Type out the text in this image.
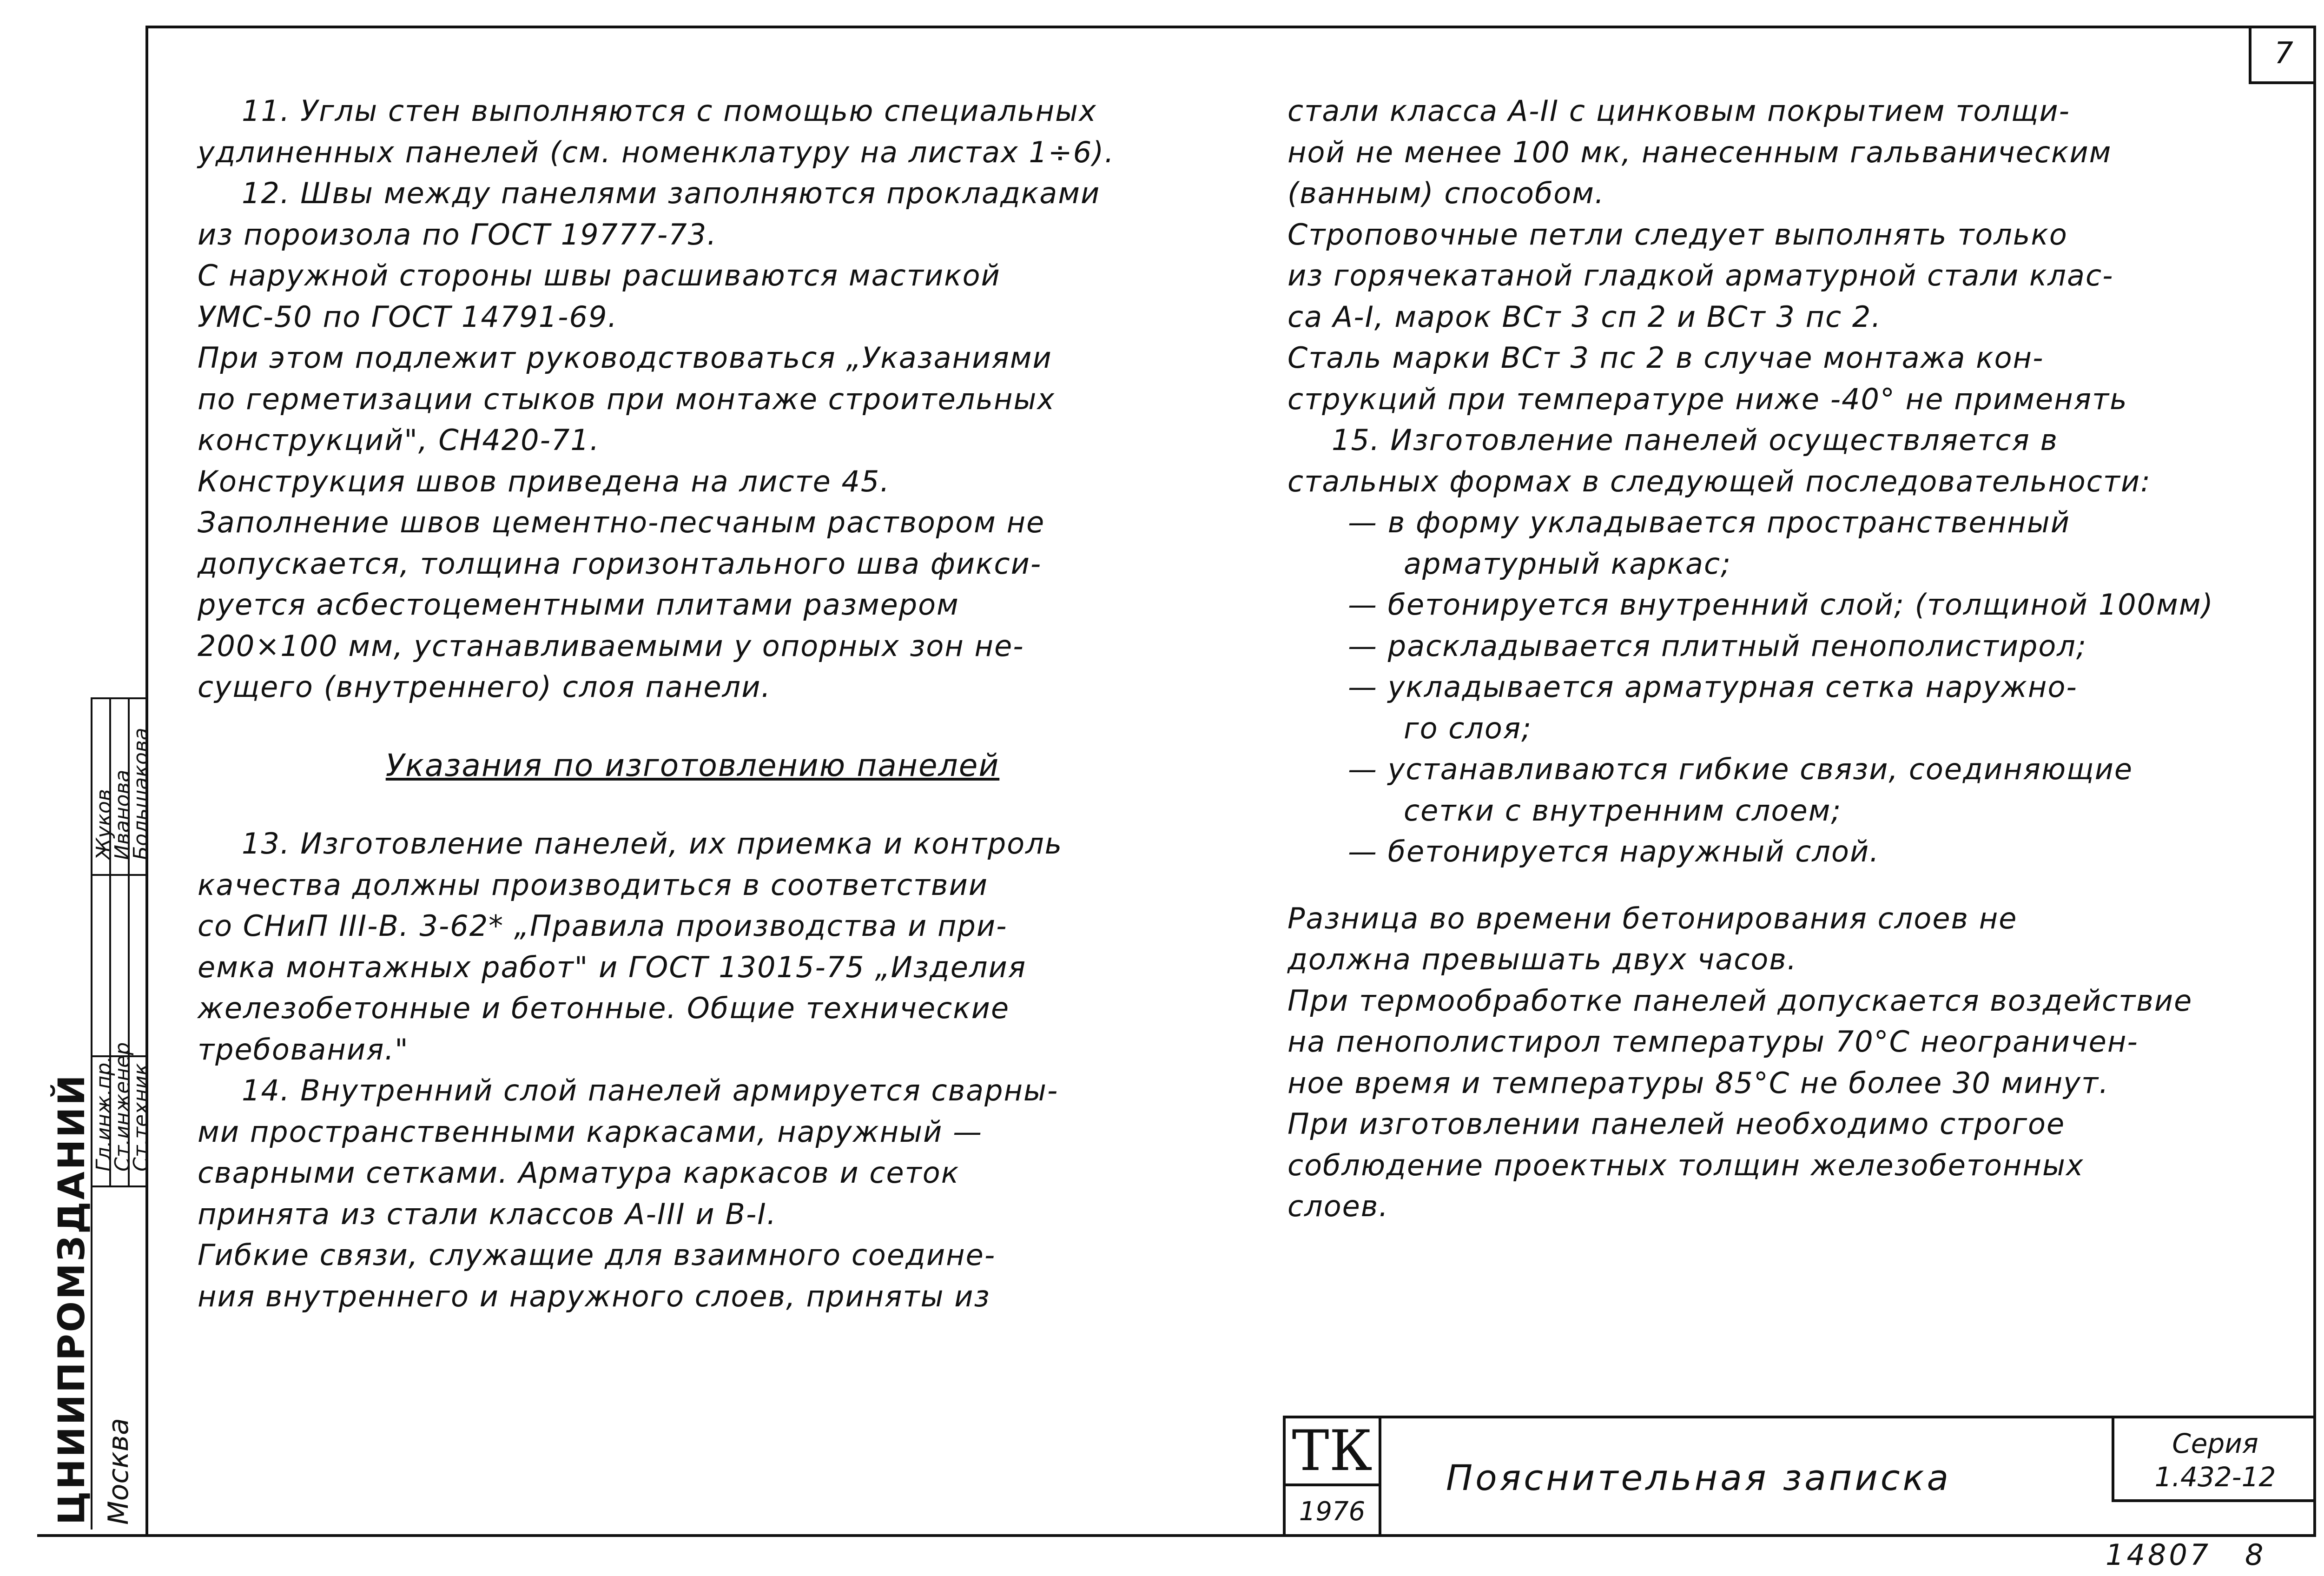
7
11. Углы стен выполняются с помощью специальных
удлиненных панелей (см. номенклатуру на листах 1÷6).
12. Швы между панелями заполняются прокладками
из пороизола по ГОСТ 19777-73.
С наружной стороны швы расшиваются мастикой
УМС-50 по ГОСТ 14791-69.
При этом подлежит руководствоваться „Указаниями
по герметизации стыков при монтаже строительных
конструкций", СН420-71.
Конструкция швов приведена на листе 45.
Заполнение швов цементно-песчаным раствором не
допускается, толщина горизонтального шва фикси-
руется асбестоцементными плитами размером
200×100 мм, устанавливаемыми у опорных зон не-
сущего (внутреннего) слоя панели.
Указания по изготовлению панелей
13. Изготовление панелей, их приемка и контроль
качества должны производиться в соответствии
со СНиП III-В. 3-62* „Правила производства и при-
емка монтажных работ" и ГОСТ 13015-75 „Изделия
железобетонные и бетонные. Общие технические
требования."
14. Внутренний слой панелей армируется сварны-
ми пространственными каркасами, наружный —
сварными сетками. Арматура каркасов и сеток
принята из стали классов А-III и В-I.
Гибкие связи, служащие для взаимного соедине-
ния внутреннего и наружного слоев, приняты из
стали класса А-II с цинковым покрытием толщи-
ной не менее 100 мк, нанесенным гальваническим
(ванным) способом.
Строповочные петли следует выполнять только
из горячекатаной гладкой арматурной стали клас-
са А-I, марок ВСт 3 сп 2 и ВСт 3 пс 2.
Сталь марки ВСт 3 пс 2 в случае монтажа кон-
струкций при температуре ниже -40° не применять
15. Изготовление панелей осуществляется в
стальных формах в следующей последовательности:
— в форму укладывается пространственный
арматурный каркас;
— бетонируется внутренний слой; (толщиной 100мм)
— раскладывается плитный пенополистирол;
— укладывается арматурная сетка наружно-
го слоя;
— устанавливаются гибкие связи, соединяющие
сетки с внутренним слоем;
— бетонируется наружный слой.
Разница во времени бетонирования слоев не
должна превышать двух часов.
При термообработке панелей допускается воздействие
на пенополистирол температуры 70°С неограничен-
ное время и температуры 85°С не более 30 минут.
При изготовлении панелей необходимо строгое
соблюдение проектных толщин железобетонных
слоев.
ЦНИИПРОМЗДАНИЙ Москва
Гл.инж.пр.
Ст.инженер
Ст.техник
Жуков
Иванова
Большакова
ТК
1976
Пояснительная записка
Серия
1.432-12
14807 8
